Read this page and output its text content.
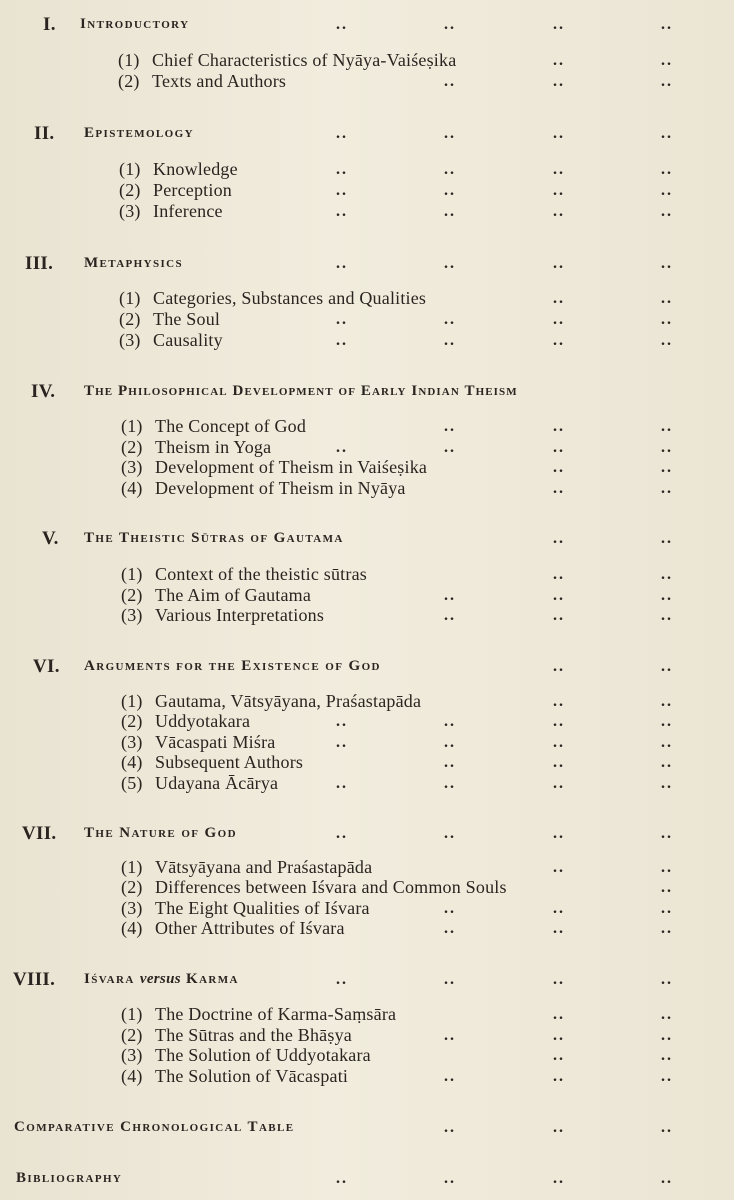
I. Introductory
..
..
..
..
(1) Chief Characteristics of Nyāya-Vaiśeṣika
..
..
(2) Texts and Authors
..
..
..
II. Epistemology
..
..
..
..
(1) Knowledge
..
..
..
..
(2) Perception
..
..
..
..
(3) Inference
..
..
..
..
III. Metaphysics
..
..
..
..
(1) Categories, Substances and Qualities
..
..
(2) The Soul
..
..
..
..
(3) Causality
..
..
..
..
IV. The Philosophical Development of Early Indian Theism
(1) The Concept of God
..
..
..
(2) Theism in Yoga
..
..
..
..
(3) Development of Theism in Vaiśeṣika
..
..
(4) Development of Theism in Nyāya
..
..
V. The Theistic Sūtras of Gautama
..
..
(1) Context of the theistic sūtras
..
..
(2) The Aim of Gautama
..
..
..
(3) Various Interpretations
..
..
..
VI. Arguments for the Existence of God
..
..
(1) Gautama, Vātsyāyana, Praśastapāda
..
..
(2) Uddyotakara
..
..
..
..
(3) Vācaspati Miśra
..
..
..
..
(4) Subsequent Authors
..
..
..
(5) Udayana Ācārya
..
..
..
..
VII. The Nature of God
..
..
..
..
(1) Vātsyāyana and Praśastapāda
..
..
(2) Differences between Iśvara and Common Souls
..
(3) The Eight Qualities of Iśvara
..
..
..
(4) Other Attributes of Iśvara
..
..
..
VIII. Iśvara versus Karma
..
..
..
..
(1) The Doctrine of Karma-Saṃsāra
..
..
(2) The Sūtras and the Bhāṣya
..
..
..
(3) The Solution of Uddyotakara
..
..
(4) The Solution of Vācaspati
..
..
..
Comparative Chronological Table
..
..
..
Bibliography
..
..
..
..
